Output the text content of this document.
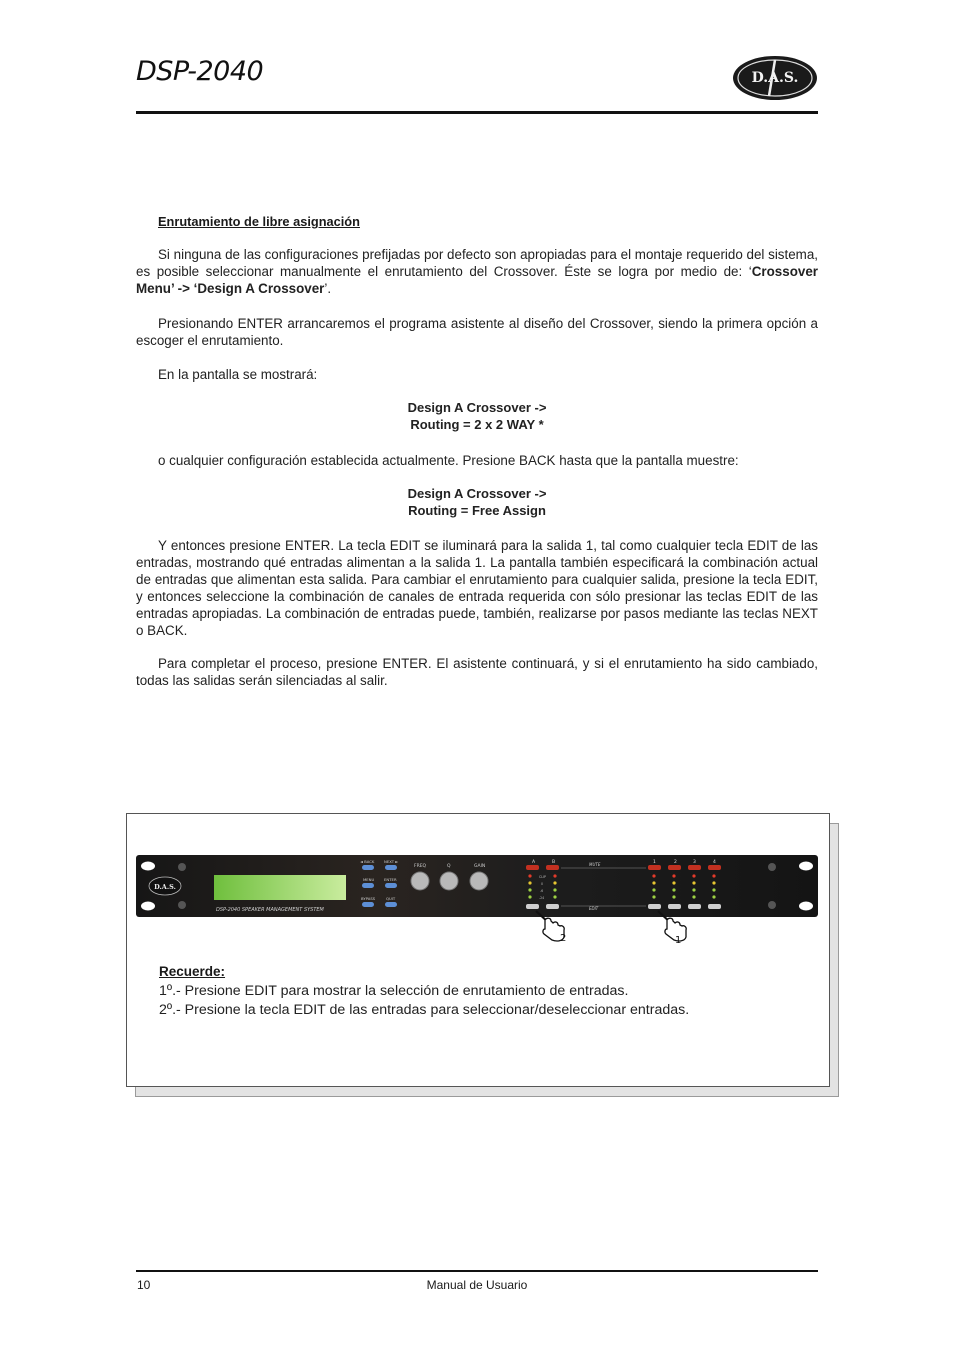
DSP-2040	D.A.S.
Enrutamiento de libre asignación

Si ninguna de las configuraciones prefijadas por defecto son apropiadas para el montaje requerido del sistema, es posible seleccionar manualmente el enrutamiento del Crossover. Éste se logra por medio de: ‘Crossover Menu’ -> ‘Design A Crossover’.

Presionando ENTER arrancaremos el programa asistente al diseño del Crossover, siendo la primera opción a escoger el enrutamiento.

En la pantalla se mostrará:

Design A Crossover ->
Routing = 2 x 2 WAY *

o cualquier configuración establecida actualmente. Presione BACK hasta que la pantalla muestre:

Design A Crossover ->
Routing = Free Assign

Y entonces presione ENTER. La tecla EDIT se iluminará para la salida 1, tal como cualquier tecla EDIT de las entradas, mostrando qué entradas alimentan a la salida 1. La pantalla también especificará la combinación actual de entradas que alimentan esta salida. Para cambiar el enrutamiento para cualquier salida, presione la tecla EDIT, y entonces seleccione la combinación de canales de entrada requerida con sólo presionar las teclas EDIT de las entradas apropiadas. La combinación de entradas puede, también, realizarse por pasos mediante las teclas NEXT o BACK.

Para completar el proceso, presione ENTER. El asistente continuará, y si el enrutamiento ha sido cambiado, todas las salidas serán silenciadas al salir.

D.A.S.
DSP-2040 SPEAKER MANAGEMENT SYSTEM
◄ BACK	NEXT ►
MENU	ENTER
BYPASS	QUIT
FREQ	Q	GAIN
A	B	MUTE
CLIP
0
-6
-24
EDIT
1	2	3	4
2	1
Recuerde:
1º.- Presione EDIT para mostrar la selección de enrutamiento de entradas.
2º.- Presione la tecla EDIT de las entradas para seleccionar/deseleccionar entradas.
10	Manual de Usuario
